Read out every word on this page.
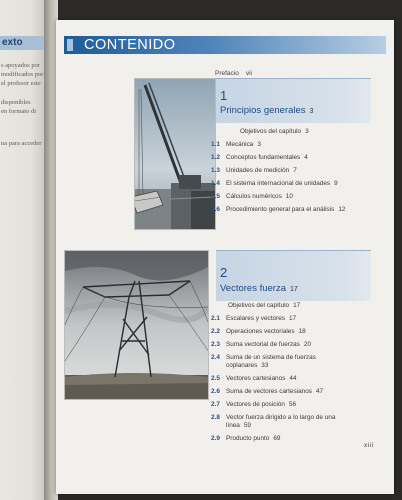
exto
s apoyados por
modificados por
el profesor este
disponibles
en formato di
na para acceder
CONTENIDO
Prefacio vii
1
Principios generales 3
Objetivos del capítulo 3
1.1 Mecánica 3
1.2 Conceptos fundamentales 4
1.3 Unidades de medición 7
1.4 El sistema internacional de unidades 9
1.5 Cálculos numéricos 10
1.6 Procedimiento general para el análisis 12
2
Vectores fuerza 17
Objetivos del capítulo 17
2.1 Escalares y vectores 17
2.2 Operaciones vectoriales 18
2.3 Suma vectorial de fuerzas 20
2.4 Suma de un sistema de fuerzas
coplanares 33
2.5 Vectores cartesianos 44
2.6 Suma de vectores cartesianos 47
2.7 Vectores de posición 56
2.8 Vector fuerza dirigido a lo largo de una
línea 59
2.9 Producto punto 69
xiii
